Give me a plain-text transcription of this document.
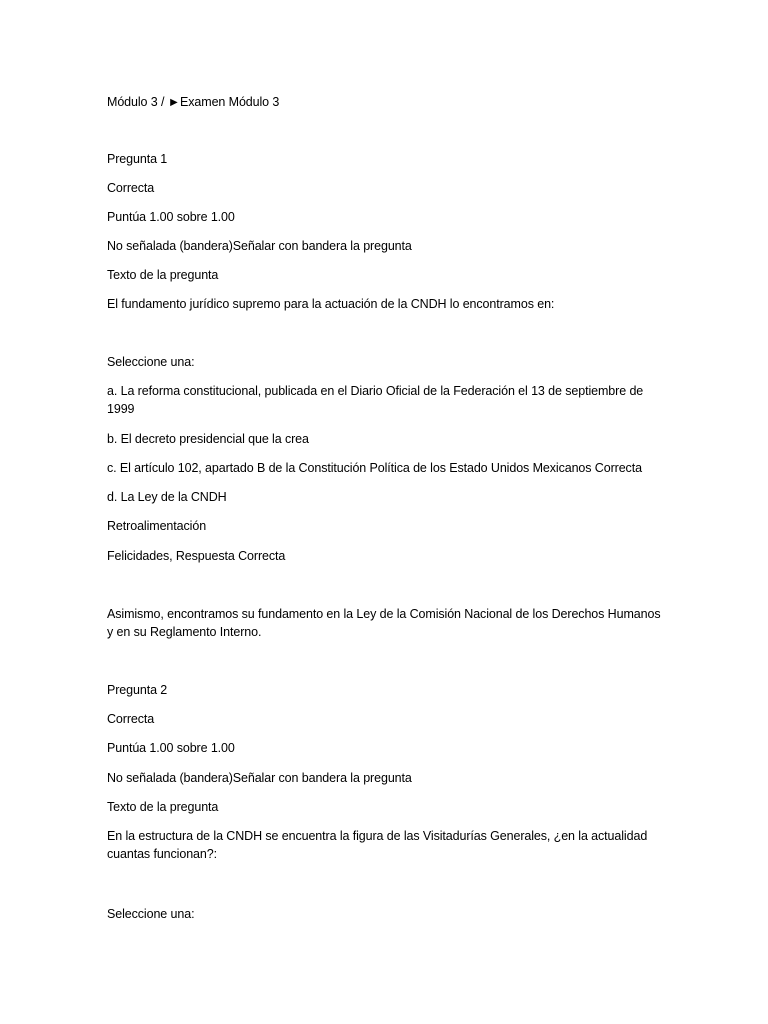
Módulo 3 / ►Examen Módulo 3
Pregunta 1
Correcta
Puntúa 1.00 sobre 1.00
No señalada (bandera)Señalar con bandera la pregunta
Texto de la pregunta
El fundamento jurídico supremo para la actuación de la CNDH lo encontramos en:
Seleccione una:
a. La reforma constitucional, publicada en el Diario Oficial de la Federación el 13 de septiembre de 1999
b. El decreto presidencial que la crea
c. El artículo 102, apartado B de la Constitución Política de los Estado Unidos Mexicanos Correcta
d. La Ley de la CNDH
Retroalimentación
Felicidades, Respuesta Correcta
Asimismo, encontramos su fundamento en la Ley de la Comisión Nacional de los Derechos Humanos y en su Reglamento Interno.
Pregunta 2
Correcta
Puntúa 1.00 sobre 1.00
No señalada (bandera)Señalar con bandera la pregunta
Texto de la pregunta
En la estructura de la CNDH se encuentra la figura de las Visitadurías Generales, ¿en la actualidad cuantas funcionan?:
Seleccione una:
